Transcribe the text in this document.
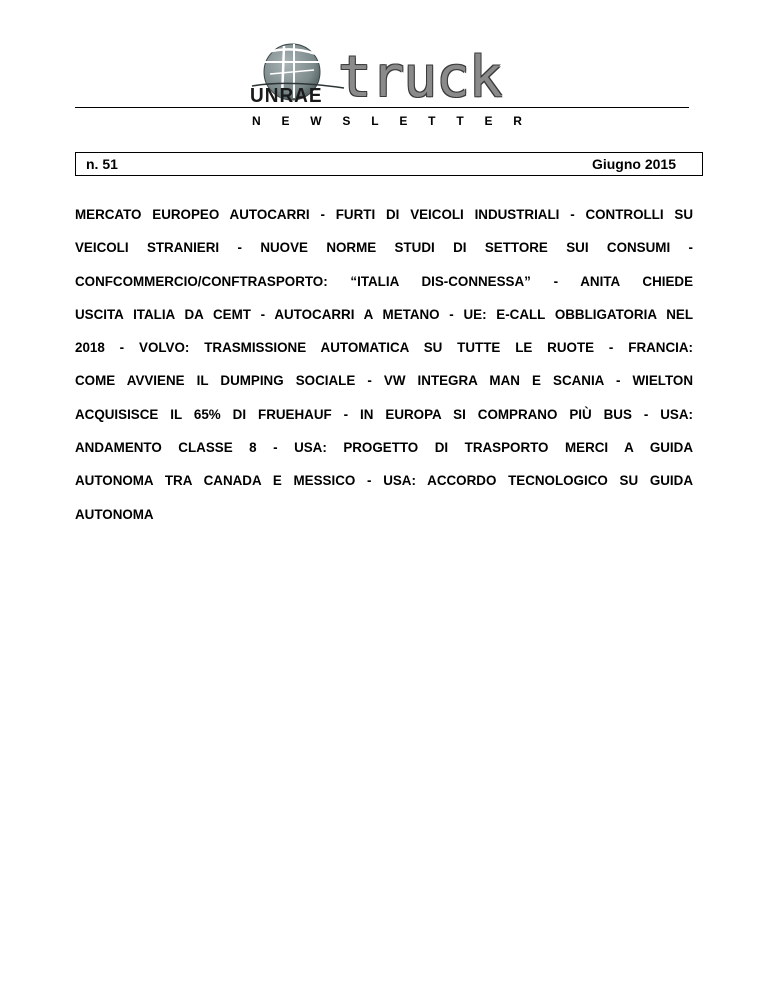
UNRAE truck
N E W S L E T T E R
n. 51	Giugno 2015
MERCATO EUROPEO AUTOCARRI - FURTI DI VEICOLI INDUSTRIALI - CONTROLLI SU
VEICOLI STRANIERI - NUOVE NORME STUDI DI SETTORE SUI CONSUMI -
CONFCOMMERCIO/CONFTRASPORTO: “ITALIA DIS-CONNESSA” - ANITA CHIEDE
USCITA ITALIA DA CEMT - AUTOCARRI A METANO - UE: E-CALL OBBLIGATORIA NEL
2018 - VOLVO: TRASMISSIONE AUTOMATICA SU TUTTE LE RUOTE - FRANCIA:
COME AVVIENE IL DUMPING SOCIALE - VW INTEGRA MAN E SCANIA - WIELTON
ACQUISISCE IL 65% DI FRUEHAUF - IN EUROPA SI COMPRANO PIÙ BUS - USA:
ANDAMENTO CLASSE 8 - USA: PROGETTO DI TRASPORTO MERCI A GUIDA
AUTONOMA TRA CANADA E MESSICO - USA: ACCORDO TECNOLOGICO SU GUIDA
AUTONOMA
